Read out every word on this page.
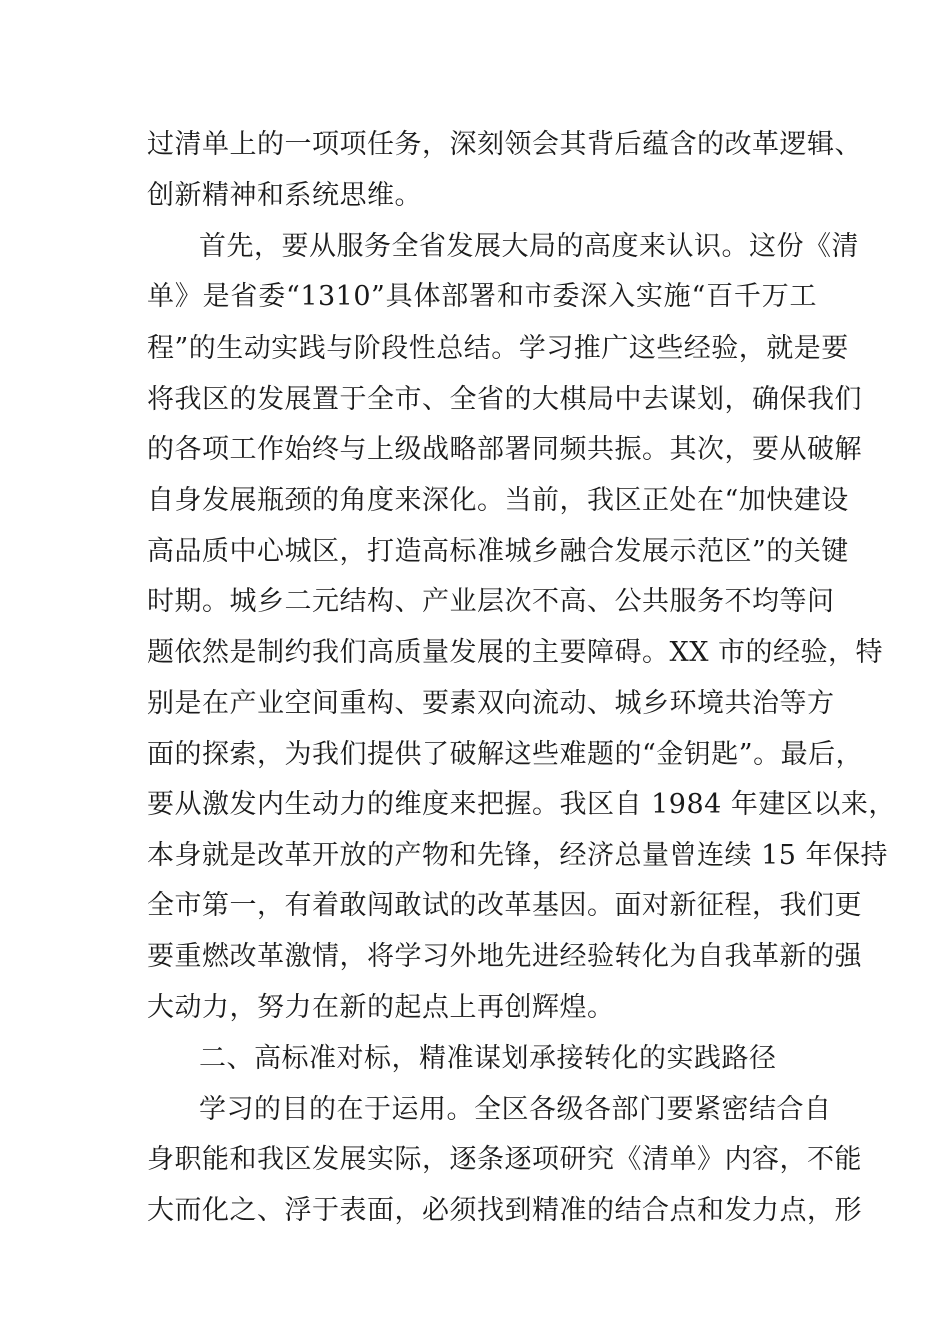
过清单上的一项项任务，深刻领会其背后蕴含的改革逻辑、
创新精神和系统思维。
首先，要从服务全省发展大局的高度来认识。这份《清
单》是省委“1310”具体部署和市委深入实施“百千万工
程”的生动实践与阶段性总结。学习推广这些经验，就是要
将我区的发展置于全市、全省的大棋局中去谋划，确保我们
的各项工作始终与上级战略部署同频共振。其次，要从破解
自身发展瓶颈的角度来深化。当前，我区正处在“加快建设
高品质中心城区，打造高标准城乡融合发展示范区”的关键
时期。城乡二元结构、产业层次不高、公共服务不均等问
题依然是制约我们高质量发展的主要障碍。XX 市的经验，特
别是在产业空间重构、要素双向流动、城乡环境共治等方
面的探索，为我们提供了破解这些难题的“金钥匙”。最后，
要从激发内生动力的维度来把握。我区自 1984 年建区以来，
本身就是改革开放的产物和先锋，经济总量曾连续 15 年保持
全市第一，有着敢闯敢试的改革基因。面对新征程，我们更
要重燃改革激情，将学习外地先进经验转化为自我革新的强
大动力，努力在新的起点上再创辉煌。
二、高标准对标，精准谋划承接转化的实践路径
学习的目的在于运用。全区各级各部门要紧密结合自
身职能和我区发展实际，逐条逐项研究《清单》内容，不能
大而化之、浮于表面，必须找到精准的结合点和发力点，形
